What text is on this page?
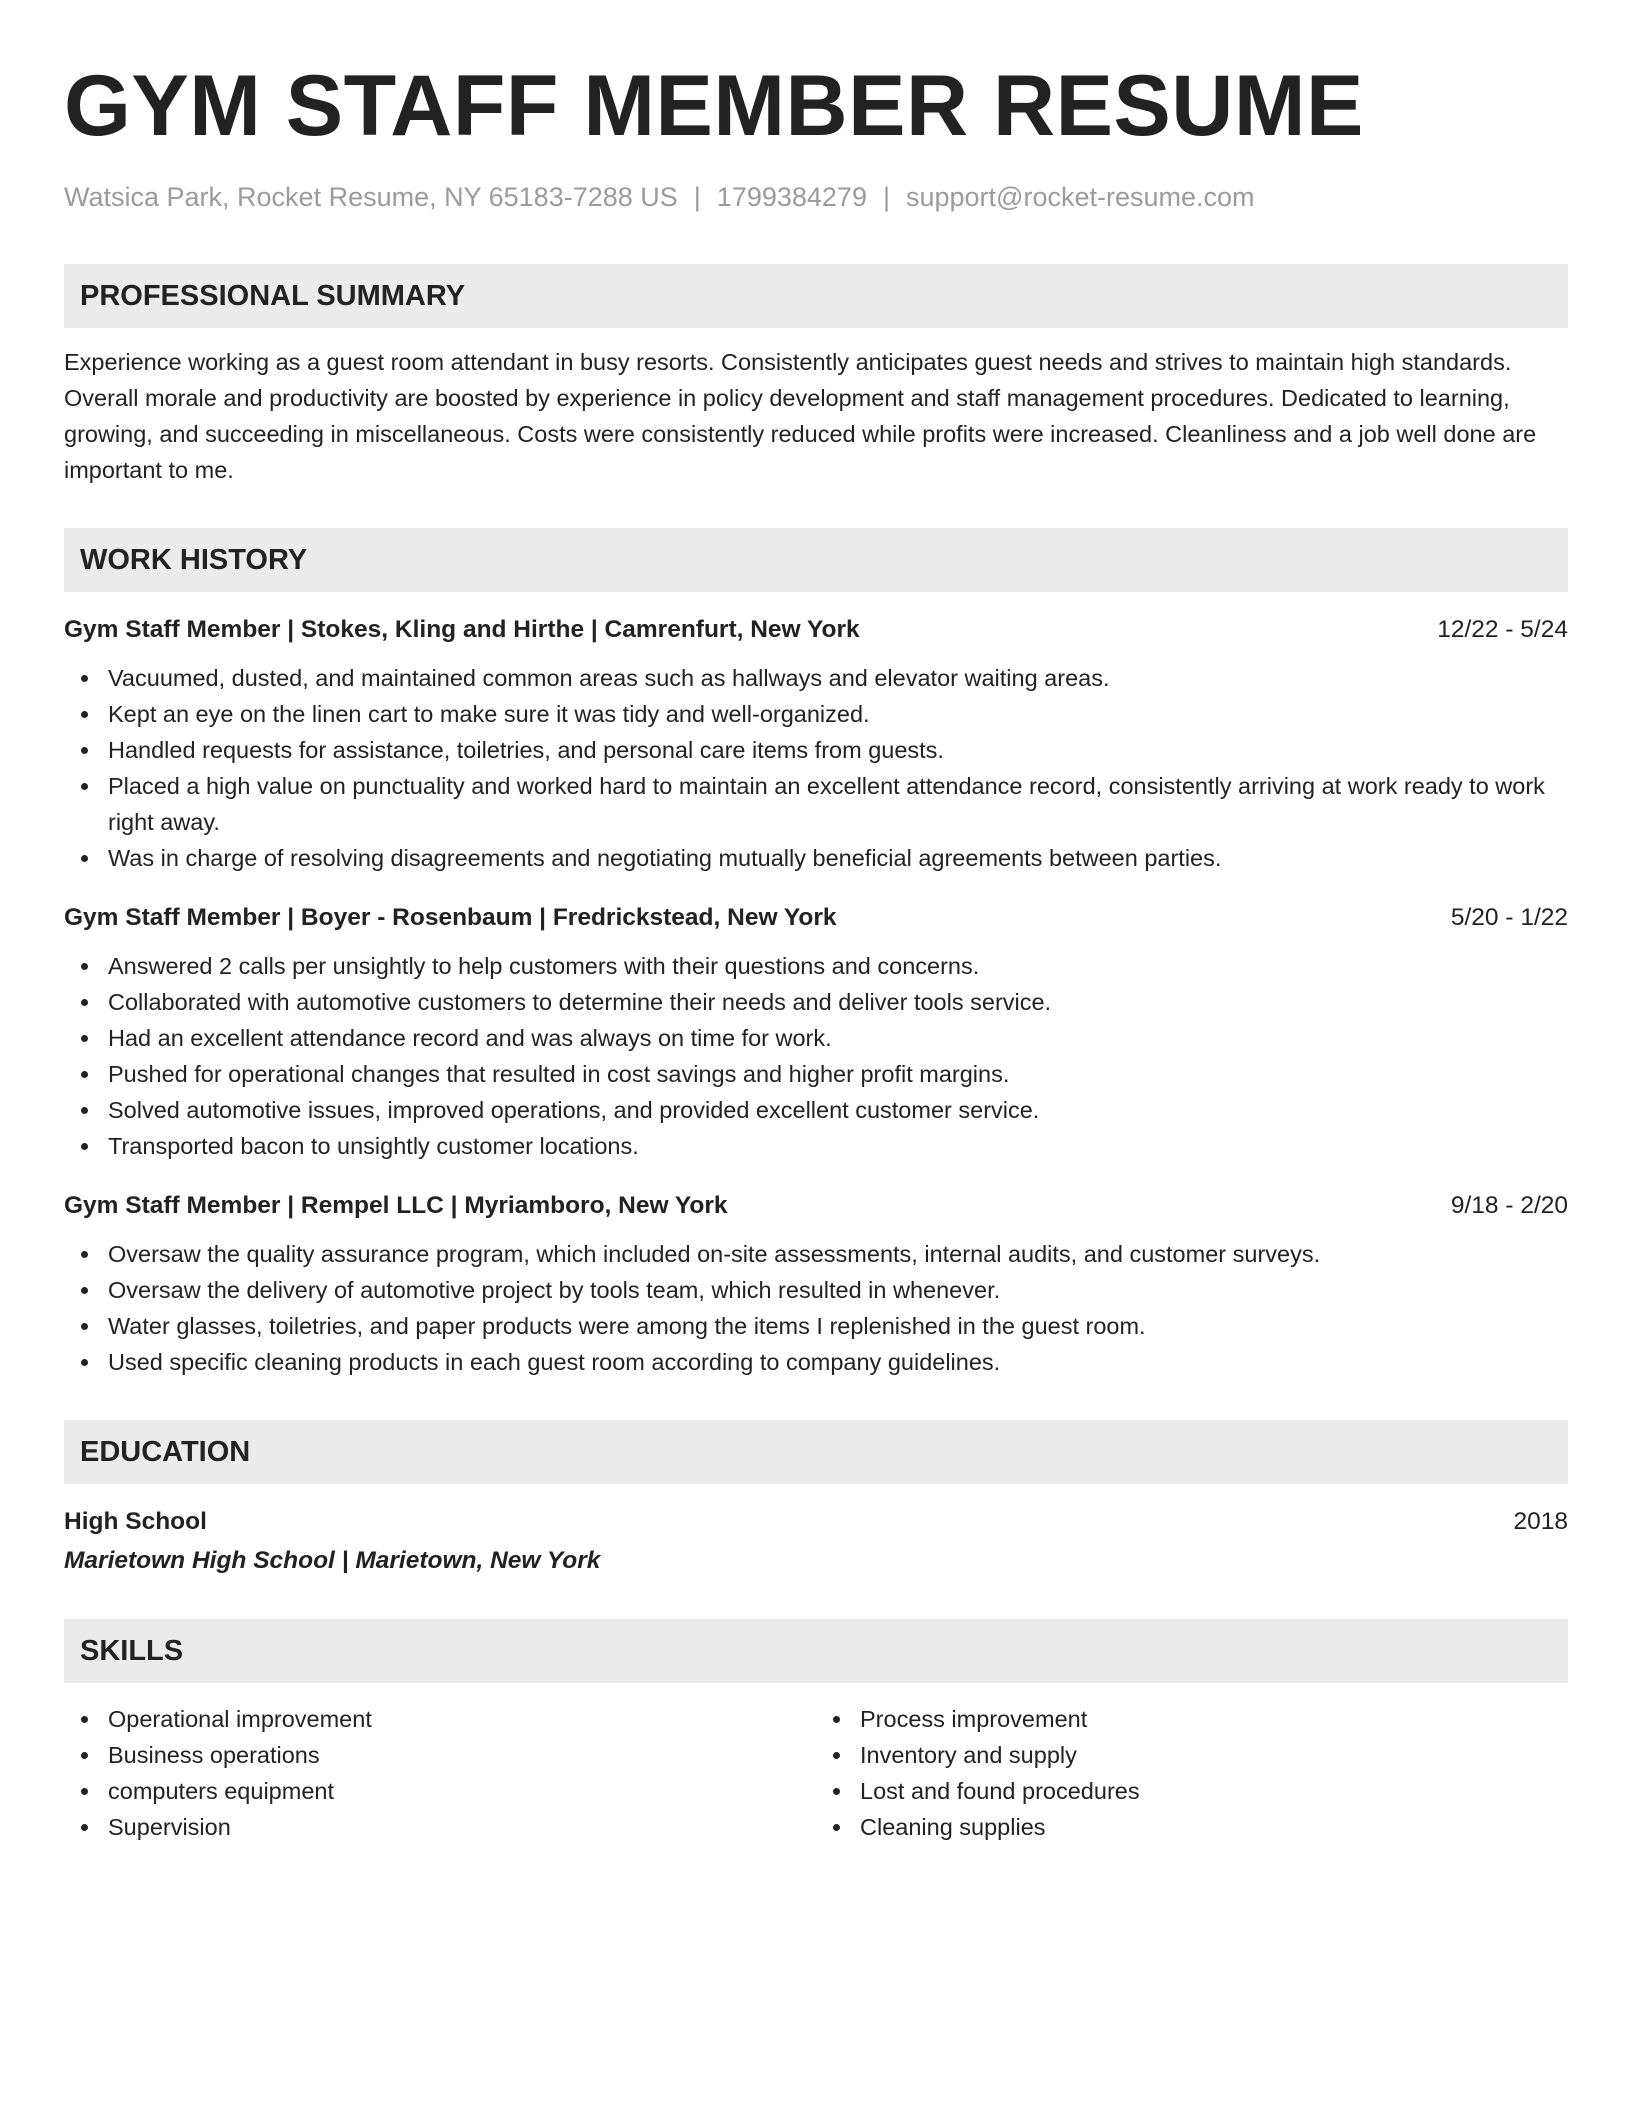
GYM STAFF MEMBER RESUME
Watsica Park, Rocket Resume, NY 65183-7288 US | 1799384279 | support@rocket-resume.com
PROFESSIONAL SUMMARY
Experience working as a guest room attendant in busy resorts. Consistently anticipates guest needs and strives to maintain high standards. Overall morale and productivity are boosted by experience in policy development and staff management procedures. Dedicated to learning, growing, and succeeding in miscellaneous. Costs were consistently reduced while profits were increased. Cleanliness and a job well done are important to me.
WORK HISTORY
Gym Staff Member | Stokes, Kling and Hirthe | Camrenfurt, New York	12/22 - 5/24
Vacuumed, dusted, and maintained common areas such as hallways and elevator waiting areas.
Kept an eye on the linen cart to make sure it was tidy and well-organized.
Handled requests for assistance, toiletries, and personal care items from guests.
Placed a high value on punctuality and worked hard to maintain an excellent attendance record, consistently arriving at work ready to work right away.
Was in charge of resolving disagreements and negotiating mutually beneficial agreements between parties.
Gym Staff Member | Boyer - Rosenbaum | Fredrickstead, New York	5/20 - 1/22
Answered 2 calls per unsightly to help customers with their questions and concerns.
Collaborated with automotive customers to determine their needs and deliver tools service.
Had an excellent attendance record and was always on time for work.
Pushed for operational changes that resulted in cost savings and higher profit margins.
Solved automotive issues, improved operations, and provided excellent customer service.
Transported bacon to unsightly customer locations.
Gym Staff Member | Rempel LLC | Myriamboro, New York	9/18 - 2/20
Oversaw the quality assurance program, which included on-site assessments, internal audits, and customer surveys.
Oversaw the delivery of automotive project by tools team, which resulted in whenever.
Water glasses, toiletries, and paper products were among the items I replenished in the guest room.
Used specific cleaning products in each guest room according to company guidelines.
EDUCATION
High School	2018
Marietown High School | Marietown, New York
SKILLS
Operational improvement
Business operations
computers equipment
Supervision
Process improvement
Inventory and supply
Lost and found procedures
Cleaning supplies
